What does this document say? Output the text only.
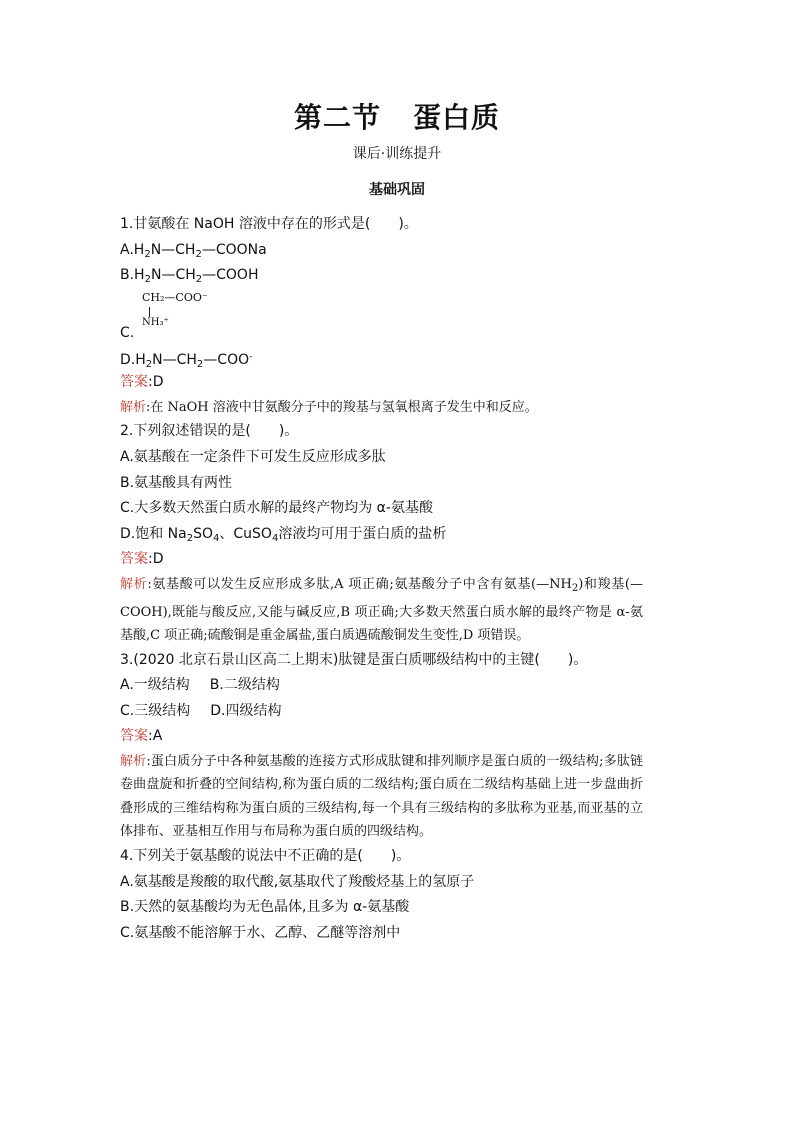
第二节 蛋白质
课后·训练提升
基础巩固
1.甘氨酸在 NaOH 溶液中存在的形式是(　　)。
$A.H_2N—CH_2—COONa$
$B.H_2N—CH_2—COOH$
CH₂—COO⁻
NH₃⁺
C.
$D.H_2N—CH_2—COO^-$
答案:D
解析:在 NaOH 溶液中甘氨酸分子中的羧基与氢氧根离子发生中和反应。
2.下列叙述错误的是(　　)。
A.氨基酸在一定条件下可发生反应形成多肽
B.氨基酸具有两性
C.大多数天然蛋白质水解的最终产物均为 α-氨基酸
D.饱和 $Na_2SO_4$、CuSO$_4$溶液均可用于蛋白质的盐析
答案:D
解析:氨基酸可以发生反应形成多肽,A 项正确;氨基酸分子中含有氨基$(—NH_2)$和羧基(—COOH),既能与酸反应,又能与碱反应,B 项正确;大多数天然蛋白质水解的最终产物是 α-氨基酸,C 项正确;硫酸铜是重金属盐,蛋白质遇硫酸铜发生变性,D 项错误。
3.(2020 北京石景山区高二上期末)肽键是蛋白质哪级结构中的主键(　　)。
A.一级结构 B.二级结构
C.三级结构 D.四级结构
答案:A
解析:蛋白质分子中各种氨基酸的连接方式形成肽键和排列顺序是蛋白质的一级结构;多肽链卷曲盘旋和折叠的空间结构,称为蛋白质的二级结构;蛋白质在二级结构基础上进一步盘曲折叠形成的三维结构称为蛋白质的三级结构,每一个具有三级结构的多肽称为亚基,而亚基的立体排布、亚基相互作用与布局称为蛋白质的四级结构。
4.下列关于氨基酸的说法中不正确的是(　　)。
A.氨基酸是羧酸的取代酸,氨基取代了羧酸烃基上的氢原子
B.天然的氨基酸均为无色晶体,且多为 α-氨基酸
C.氨基酸不能溶解于水、乙醇、乙醚等溶剂中
